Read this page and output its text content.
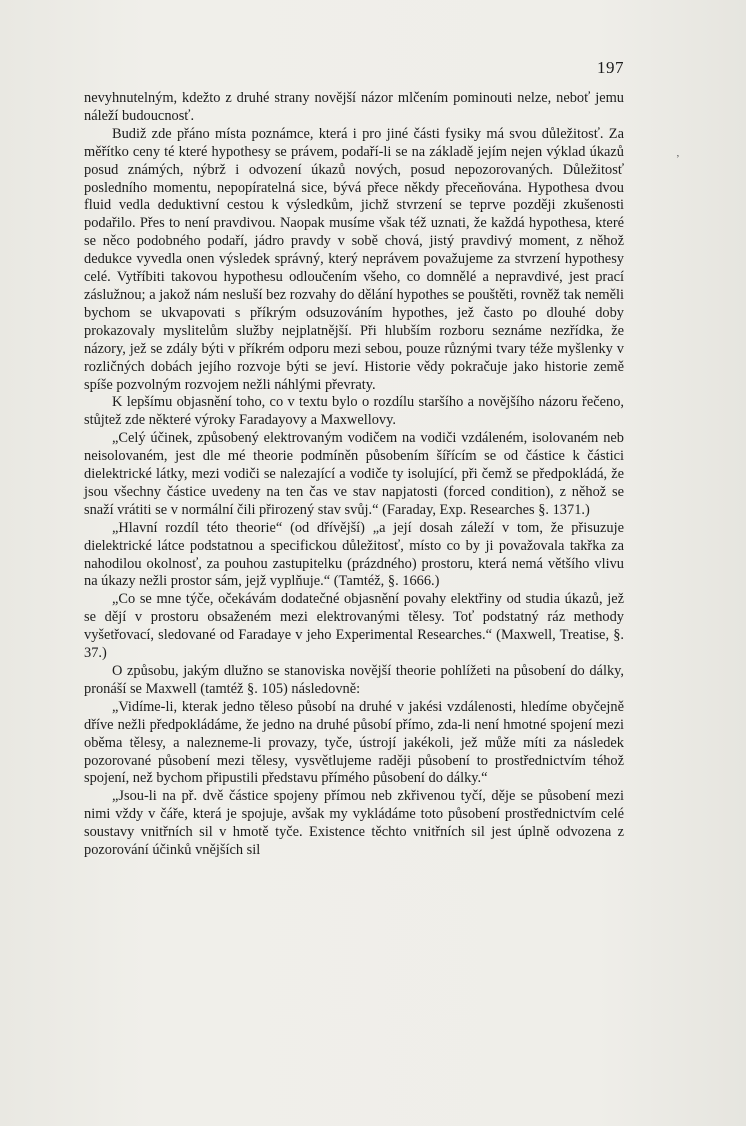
197
‚

nevyhnutelným, kdežto z druhé strany novější názor mlčením pominouti nelze, neboť jemu náleží budoucnosť.

Budiž zde přáno místa poznámce, která i pro jiné části fysiky má svou důležitosť. Za měřítko ceny té které hypothesy se právem, podaří-li se na základě jejím nejen výklad úkazů posud známých, nýbrž i odvození úkazů nových, posud nepozorovaných. Důležitosť posledního momentu, nepopíratelná sice, bývá přece někdy přeceňována. Hypothesa dvou fluid vedla deduktivní cestou k výsledkům, jichž stvrzení se teprve později zkušenosti podařilo. Přes to není pravdivou. Naopak musíme však též uznati, že každá hypothesa, které se něco podobného podaří, jádro pravdy v sobě chová, jistý pravdivý moment, z něhož dedukce vyvedla onen výsledek správný, který neprávem považujeme za stvrzení hypothesy celé. Vytříbiti takovou hypothesu odloučením všeho, co domnělé a nepravdivé, jest prací záslužnou; a jakož nám nesluší bez rozvahy do dělání hypothes se pouštěti, rovněž tak neměli bychom se ukvapovati s příkrým odsuzováním hypothes, jež často po dlouhé doby prokazovaly myslitelům služby nejplatnější. Při hlubším rozboru seznáme nezřídka, že názory, jež se zdály býti v příkrém odporu mezi sebou, pouze různými tvary téže myšlenky v rozličných dobách jejího rozvoje býti se jeví. Historie vědy pokračuje jako historie země spíše pozvolným rozvojem nežli náhlými převraty.

K lepšímu objasnění toho, co v textu bylo o rozdílu staršího a novějšího názoru řečeno, stůjtež zde některé výroky Faradayovy a Maxwellovy.

„Celý účinek, způsobený elektrovaným vodičem na vodiči vzdáleném, isolovaném neb neisolovaném, jest dle mé theorie podmíněn působením šířícím se od částice k částici dielektrické látky, mezi vodiči se nalezající a vodiče ty isolující, při čemž se předpokládá, že jsou všechny částice uvedeny na ten čas ve stav napjatosti (forced condition), z něhož se snaží vrátiti se v normální čili přirozený stav svůj.“ (Faraday, Exp. Researches §. 1371.)

„Hlavní rozdíl této theorie“ (od dřívější) „a její dosah záleží v tom, že přisuzuje dielektrické látce podstatnou a specifickou důležitosť, místo co by ji považovala takřka za nahodilou okolnosť, za pouhou zastupitelku (prázdného) prostoru, která nemá většího vlivu na úkazy nežli prostor sám, jejž vyplňuje.“ (Tamtéž, §. 1666.)

„Co se mne týče, očekávám dodatečné objasnění povahy elektřiny od studia úkazů, jež se dějí v prostoru obsaženém mezi elektrovanými tělesy. Toť podstatný ráz methody vyšetřovací, sledované od Faradaye v jeho Experimental Researches.“ (Maxwell, Treatise, §. 37.)

O způsobu, jakým dlužno se stanoviska novější theorie pohlížeti na působení do dálky, pronáší se Maxwell (tamtéž §. 105) následovně:

„Vidíme-li, kterak jedno těleso působí na druhé v jakési vzdálenosti, hledíme obyčejně dříve nežli předpokládáme, že jedno na druhé působí přímo, zda-li není hmotné spojení mezi oběma tělesy, a nalezneme-li provazy, tyče, ústrojí jakékoli, jež může míti za následek pozorované působení mezi tělesy, vysvětlujeme raději působení to prostřednictvím téhož spojení, než bychom připustili představu přímého působení do dálky.“

„Jsou-li na př. dvě částice spojeny přímou neb zkřivenou tyčí, děje se působení mezi nimi vždy v čáře, která je spojuje, avšak my vykládáme toto působení prostřednictvím celé soustavy vnitřních sil v hmotě tyče. Existence těchto vnitřních sil jest úplně odvozena z pozorování účinků vnějších sil
